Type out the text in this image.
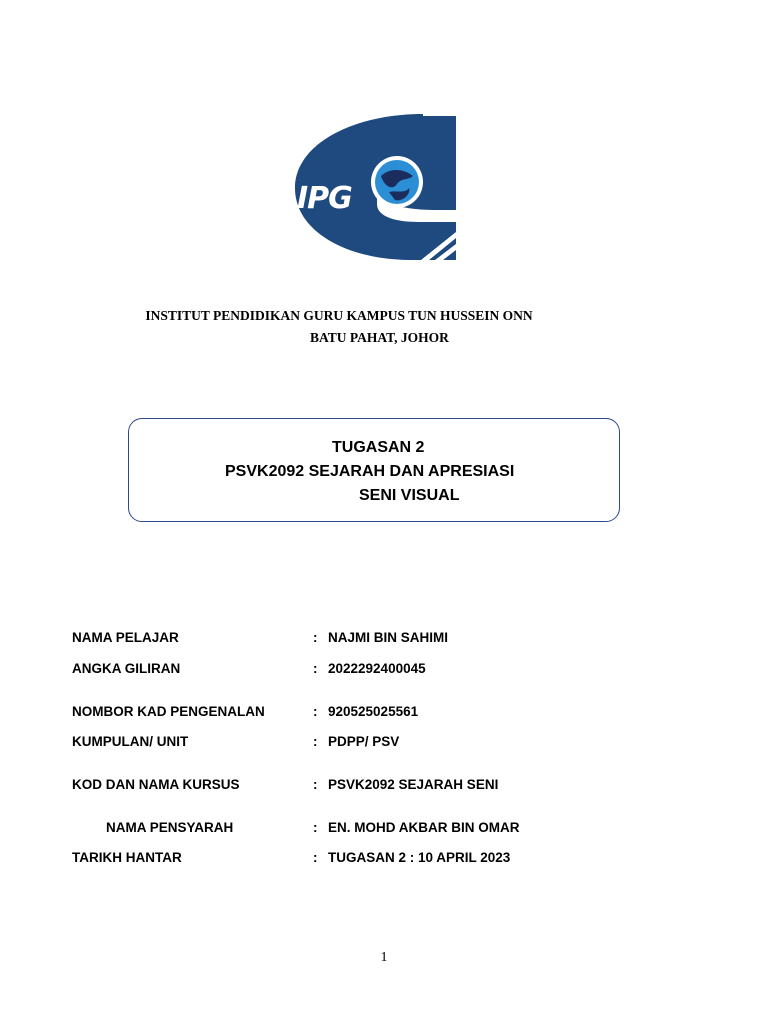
IPG
INSTITUT PENDIDIKAN GURU KAMPUS TUN HUSSEIN ONN
BATU PAHAT, JOHOR
TUGASAN 2
PSVK2092 SEJARAH DAN APRESIASI
SENI VISUAL
NAMA PELAJAR	: NAJMI BIN SAHIMI
ANGKA GILIRAN	: 2022292400045
NOMBOR KAD PENGENALAN	: 920525025561
KUMPULAN/ UNIT	: PDPP/ PSV
KOD DAN NAMA KURSUS	: PSVK2092 SEJARAH SENI
NAMA PENSYARAH	: EN. MOHD AKBAR BIN OMAR
TARIKH HANTAR	: TUGASAN 2 : 10 APRIL 2023
1
